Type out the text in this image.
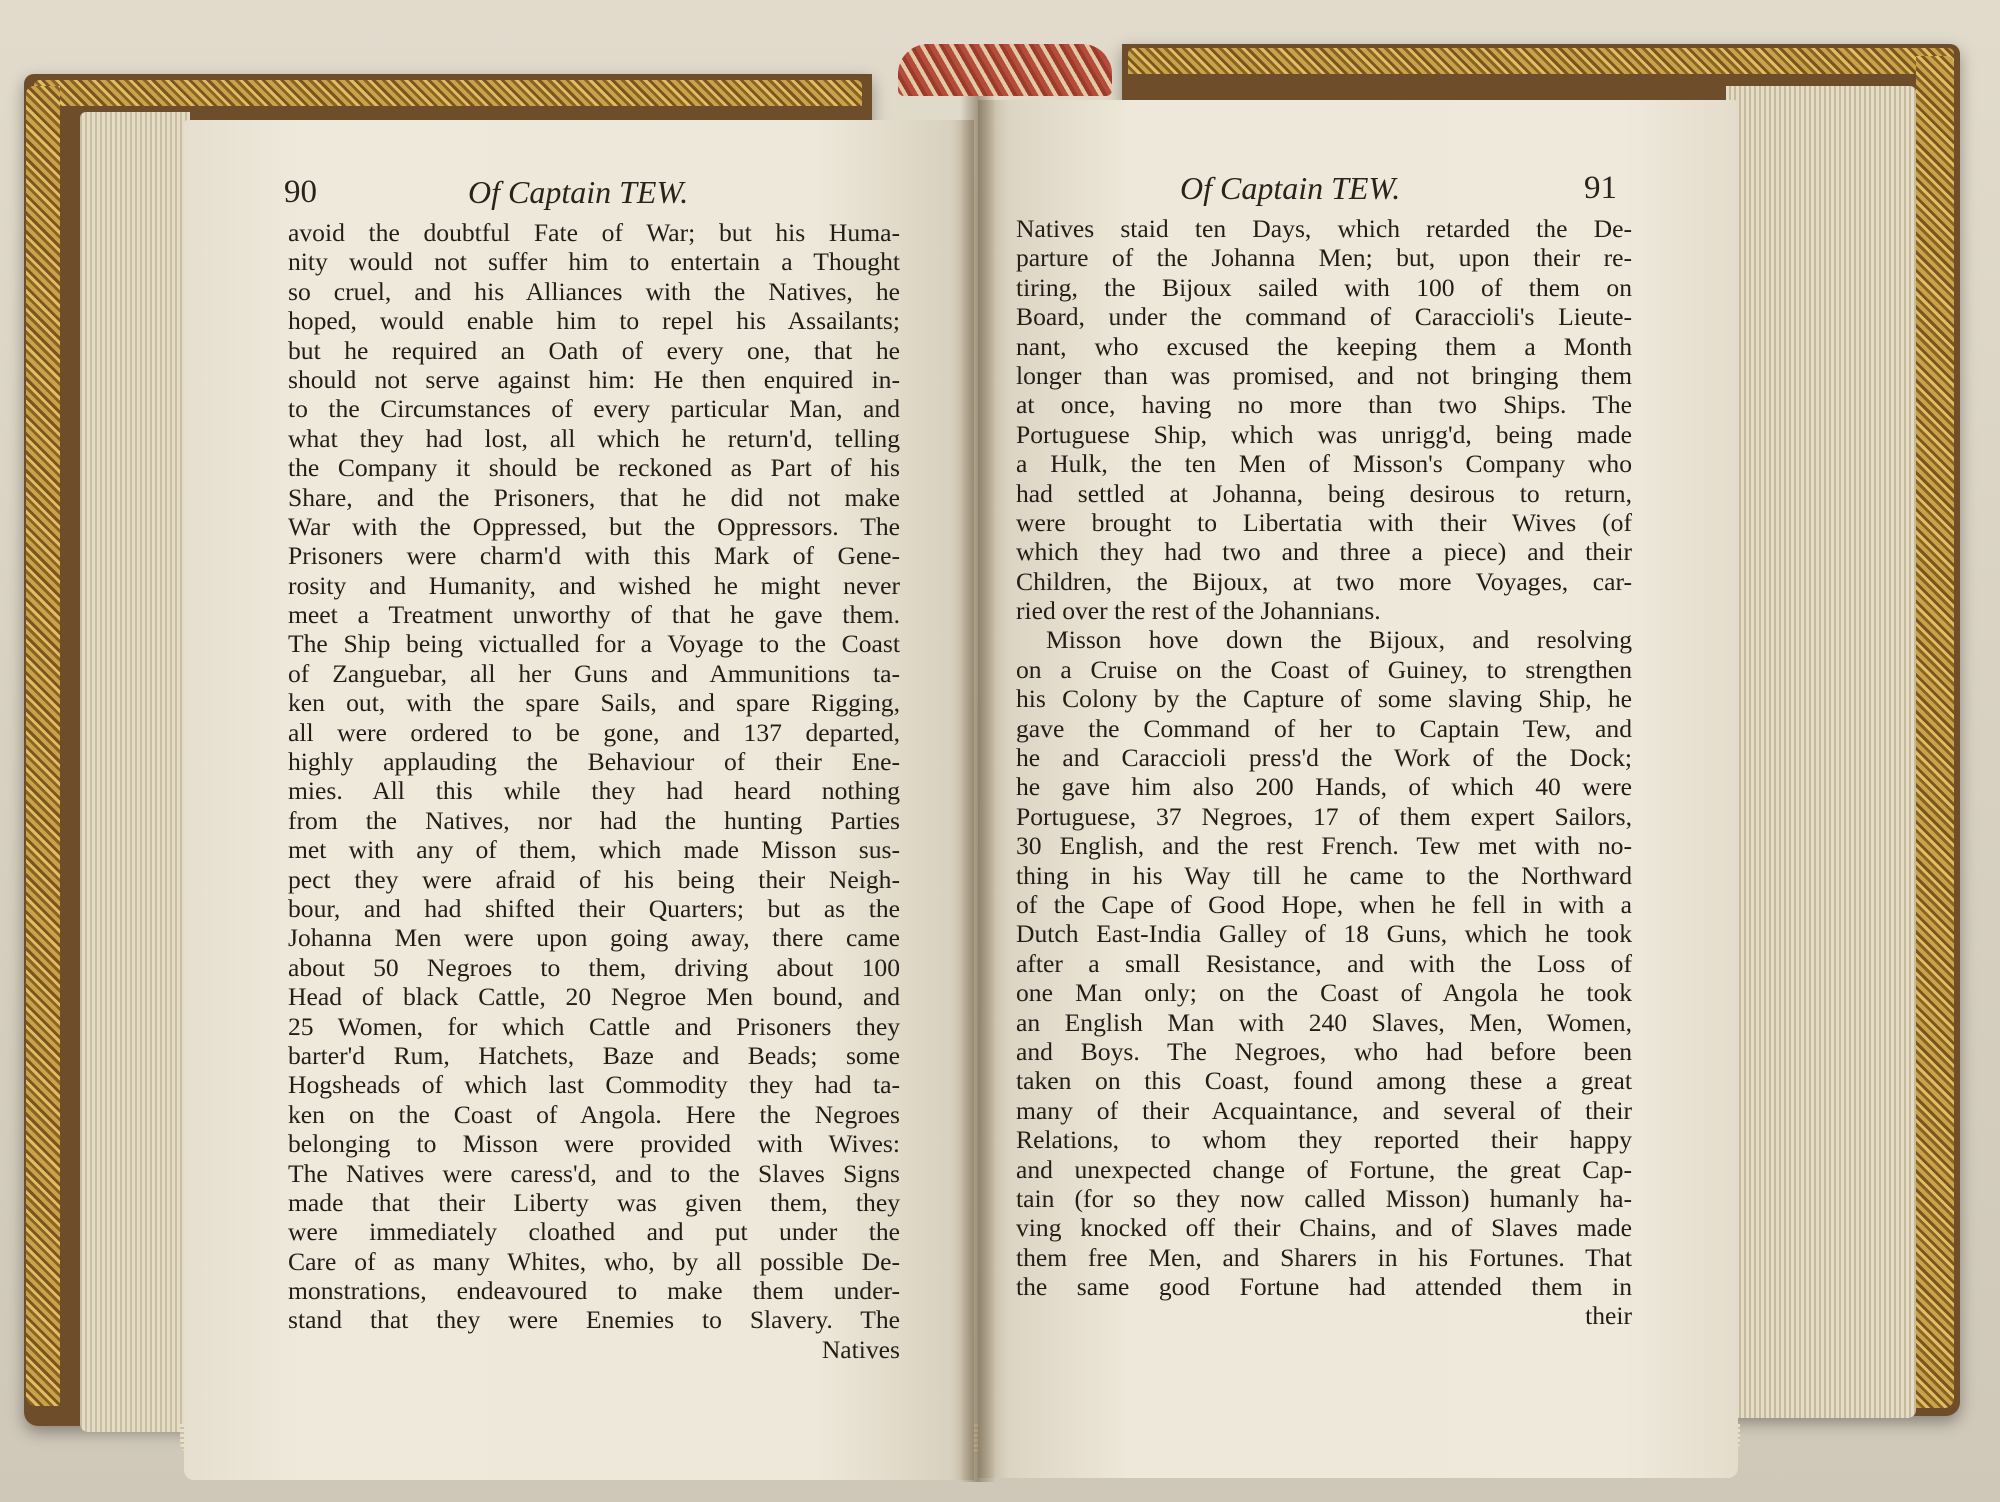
90	Of Captain TEW.
avoid the doubtful Fate of War; but his Huma-
nity would not suffer him to entertain a Thought
so cruel, and his Alliances with the Natives, he
hoped, would enable him to repel his Assailants;
but he required an Oath of every one, that he
should not serve against him: He then enquired in-
to the Circumstances of every particular Man, and
what they had lost, all which he return'd, telling
the Company it should be reckoned as Part of his
Share, and the Prisoners, that he did not make
War with the Oppressed, but the Oppressors. The
Prisoners were charm'd with this Mark of Gene-
rosity and Humanity, and wished he might never
meet a Treatment unworthy of that he gave them.
The Ship being victualled for a Voyage to the Coast
of Zanguebar, all her Guns and Ammunitions ta-
ken out, with the spare Sails, and spare Rigging,
all were ordered to be gone, and 137 departed,
highly applauding the Behaviour of their Ene-
mies. All this while they had heard nothing
from the Natives, nor had the hunting Parties
met with any of them, which made Misson sus-
pect they were afraid of his being their Neigh-
bour, and had shifted their Quarters; but as the
Johanna Men were upon going away, there came
about 50 Negroes to them, driving about 100
Head of black Cattle, 20 Negroe Men bound, and
25 Women, for which Cattle and Prisoners they
barter'd Rum, Hatchets, Baze and Beads; some
Hogsheads of which last Commodity they had ta-
ken on the Coast of Angola. Here the Negroes
belonging to Misson were provided with Wives:
The Natives were caress'd, and to the Slaves Signs
made that their Liberty was given them, they
were immediately cloathed and put under the
Care of as many Whites, who, by all possible De-
monstrations, endeavoured to make them under-
stand that they were Enemies to Slavery. The
Natives
Of Captain TEW.	91
Natives staid ten Days, which retarded the De-
parture of the Johanna Men; but, upon their re-
tiring, the Bijoux sailed with 100 of them on
Board, under the command of Caraccioli's Lieute-
nant, who excused the keeping them a Month
longer than was promised, and not bringing them
at once, having no more than two Ships. The
Portuguese Ship, which was unrigg'd, being made
a Hulk, the ten Men of Misson's Company who
had settled at Johanna, being desirous to return,
were brought to Libertatia with their Wives (of
which they had two and three a piece) and their
Children, the Bijoux, at two more Voyages, car-
ried over the rest of the Johannians.
Misson hove down the Bijoux, and resolving
on a Cruise on the Coast of Guiney, to strengthen
his Colony by the Capture of some slaving Ship, he
gave the Command of her to Captain Tew, and
he and Caraccioli press'd the Work of the Dock;
he gave him also 200 Hands, of which 40 were
Portuguese, 37 Negroes, 17 of them expert Sailors,
30 English, and the rest French. Tew met with no-
thing in his Way till he came to the Northward
of the Cape of Good Hope, when he fell in with a
Dutch East-India Galley of 18 Guns, which he took
after a small Resistance, and with the Loss of
one Man only; on the Coast of Angola he took
an English Man with 240 Slaves, Men, Women,
and Boys. The Negroes, who had before been
taken on this Coast, found among these a great
many of their Acquaintance, and several of their
Relations, to whom they reported their happy
and unexpected change of Fortune, the great Cap-
tain (for so they now called Misson) humanly ha-
ving knocked off their Chains, and of Slaves made
them free Men, and Sharers in his Fortunes. That
the same good Fortune had attended them in
their
